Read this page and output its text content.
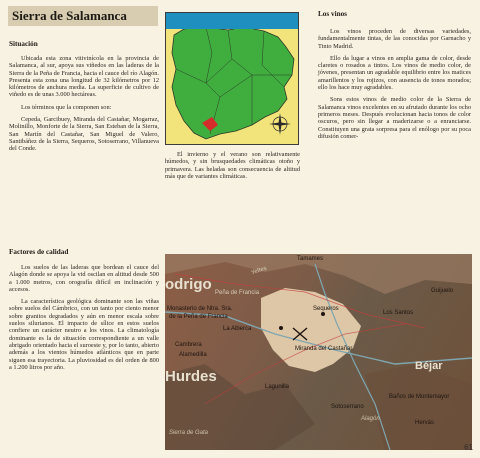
Sierra de Salamanca
Situación
Ubicada esta zona vitivinícola en la provincia de Salamanca, al sur, apoya sus viñedos en las laderas de la Sierra de la Peña de Francia, hacia el cauce del río Alagón. Presenta esta zona una longitud de 32 kilómetros por 12 kilómetros de anchura media. La superficie de cultivo de viñedo es de unas 3.000 hectáreas.
Los términos que la componen son:
Cepeda, Garcibuey, Miranda del Castañar, Mogarraz, Molinillo, Monforte de la Sierra, San Esteban de la Sierra, San Martín del Castañar, San Miguel de Valero, Santibáñez de la Sierra, Sequeros, Sotoserrano, Villanueva del Conde.
El invierno y el verano son relativamente húmedos, y sin brusquedades climáticas otoño y primavera. Las heladas son consecuencia de altitud más que de variantes climáticas.
Los vinos
Los vinos proceden de diversas variedades, fundamentalmente tintas, de las conocidas por Garnacho y Tinto Madrid.
Ello da lugar a vinos en amplia gama de color, desde claretes o rosados a tintos. Los vinos de medio color, de jóvenes, presentan un agradable equilibrio entre los matices amarillentos y los rojizos, con ausencia de tonos morados; ello los hace muy agradables.
Sons estos vinos de medio color de la Sierra de Salamanca vinos excelentes en su afrutado durante los ocho primeros meses. Después evolucionan hacia tonos de color oscuros, pero sin llegar a maderizarse o a enranciarse. Constituyen una grata sorpresa para el enólogo por su poca difusión comer-
Factores de calidad
Los suelos de las laderas que bordean el cauce del Alagón donde se apoya la vid oscilan en altitud desde 500 a 1.000 metros, con orografía difícil en inclinación y accesos.
La característica geológica dominante son las viñas sobre suelos del Cámbrico, con un tanto por ciento menor sobre granitos degradados y aún en menor escala sobre suelos silurianos. El impacto de sílice en estos suelos confiere un carácter neutro a los vinos. La climatología dominante es la de situación correspondiente a un valle abrigado orientado hacia el suroeste y, por lo tanto, abierto además a los vientos húmedos atlánticos que en parte siguen esa trayectoria. La pluviosidad es del orden de 800 a 1.200 litros por año.
Tamames
Yeltes
odrigo
Monasterio de Ntra. Sra.
de la Peña de Francia
Peña de Francia
La Alberca
Sequeros
Miranda del Castañar
Los Santos
Guijuelo
Cambrera
Alamedilla
Lagunilla
Hurdes
Béjar
Baños de Montemayor
Sotoserrano
Hervás
Sierra de Gata
Alagón
61
